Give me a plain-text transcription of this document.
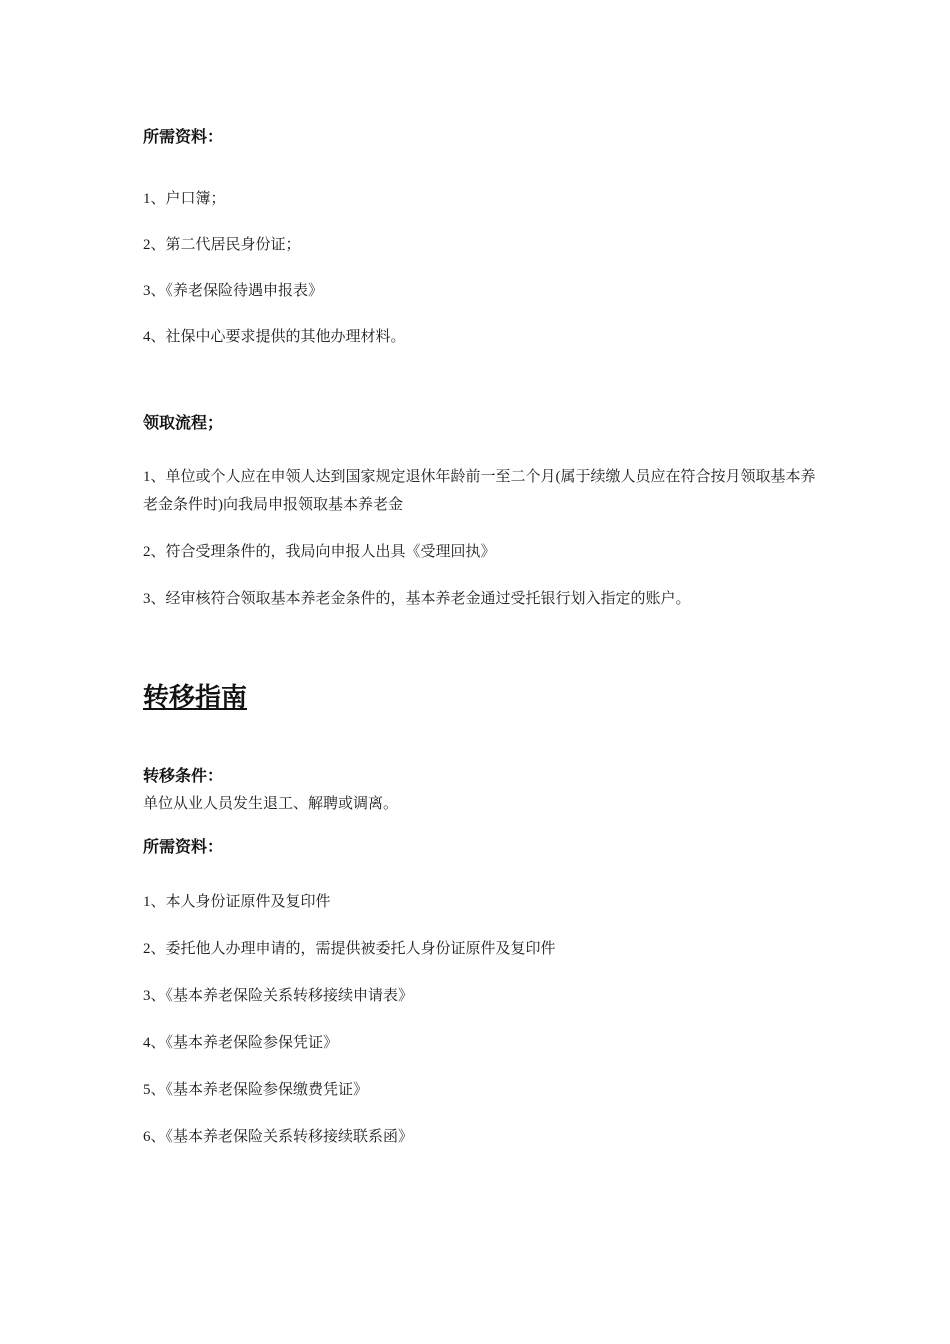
所需资料：

1、户口簿；

2、第二代居民身份证；

3、《养老保险待遇申报表》

4、社保中心要求提供的其他办理材料。

领取流程；

1、单位或个人应在申领人达到国家规定退休年龄前一至二个月(属于续缴人员应在符合按月领取基本养老金条件时)向我局申报领取基本养老金

2、符合受理条件的，我局向申报人出具《受理回执》

3、经审核符合领取基本养老金条件的，基本养老金通过受托银行划入指定的账户。

转移指南
转移条件：

单位从业人员发生退工、解聘或调离。

所需资料：

1、本人身份证原件及复印件

2、委托他人办理申请的，需提供被委托人身份证原件及复印件

3、《基本养老保险关系转移接续申请表》

4、《基本养老保险参保凭证》

5、《基本养老保险参保缴费凭证》

6、《基本养老保险关系转移接续联系函》
